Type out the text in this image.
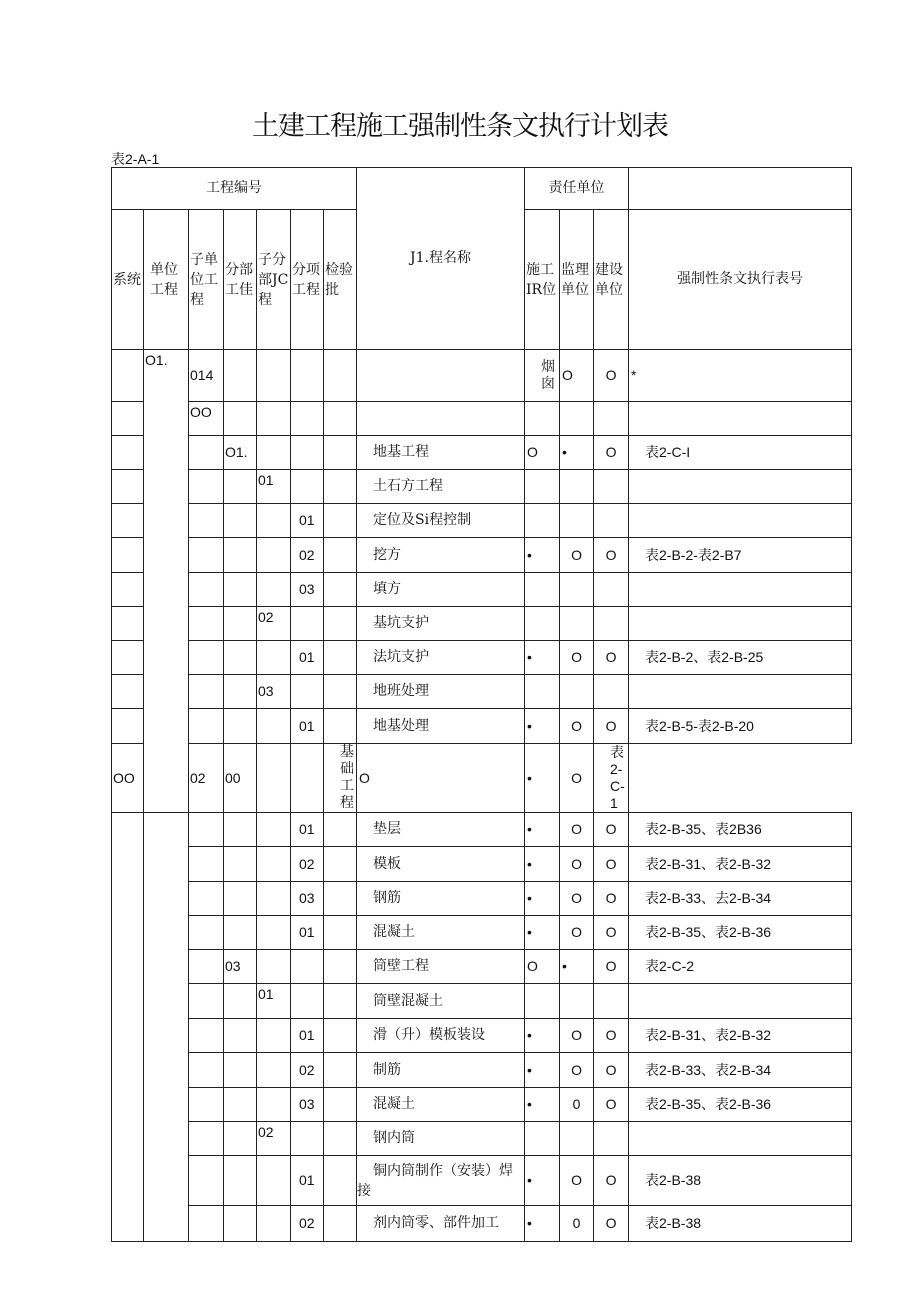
土建工程施工强制性条文执行计划表
表2-A-1
工程编号							J1.程名称	责任单位				
系统	单位工程	子单位工程	分部工佳	子分部JC程	分项工程	检验批		施工IR位	监理单位	建设单位	强制性条文执行表号	
	O1.	014						烟囱	O	O	*	
		OO										
			O1.				地基工程	O	•	O	表2-C-I	
				01			土石方工程					
					01		定位及Si程控制					
					02		挖方	•	O	O	表2-B-2-表2-B7	
					03		填方					
				02			基坑支护					
					01		法坑支护	•	O	O	表2-B-2、表2-B-25	
				03			地班处理					
					01		地基处理	•	O	O	表2-B-5-表2-B-20	
OO		02	00			基础工程	O	•	O	表2-C-1		
					01		垫层	•	O	O	表2-B-35、表2B36	
					02		模板	•	O	O	表2-B-31、表2-B-32	
					03		钢筋	•	O	O	表2-B-33、去2-B-34	
					01		混凝土	•	O	O	表2-B-35、表2-B-36	
			03				筒壁工程	O	•	O	表2-C-2	
				01			筒壁混凝土					
					01		滑（升）模板装设	•	O	O	表2-B-31、表2-B-32	
					02		制筋	•	O	O	表2-B-33、表2-B-34	
					03		混凝土	•	0	O	表2-B-35、表2-B-36	
				02			钢内筒					
					01		铜内筒制作（安装）焊接	•	O	O	表2-B-38	
					02		剂内筒零、部件加工	•	0	O	表2-B-38	
